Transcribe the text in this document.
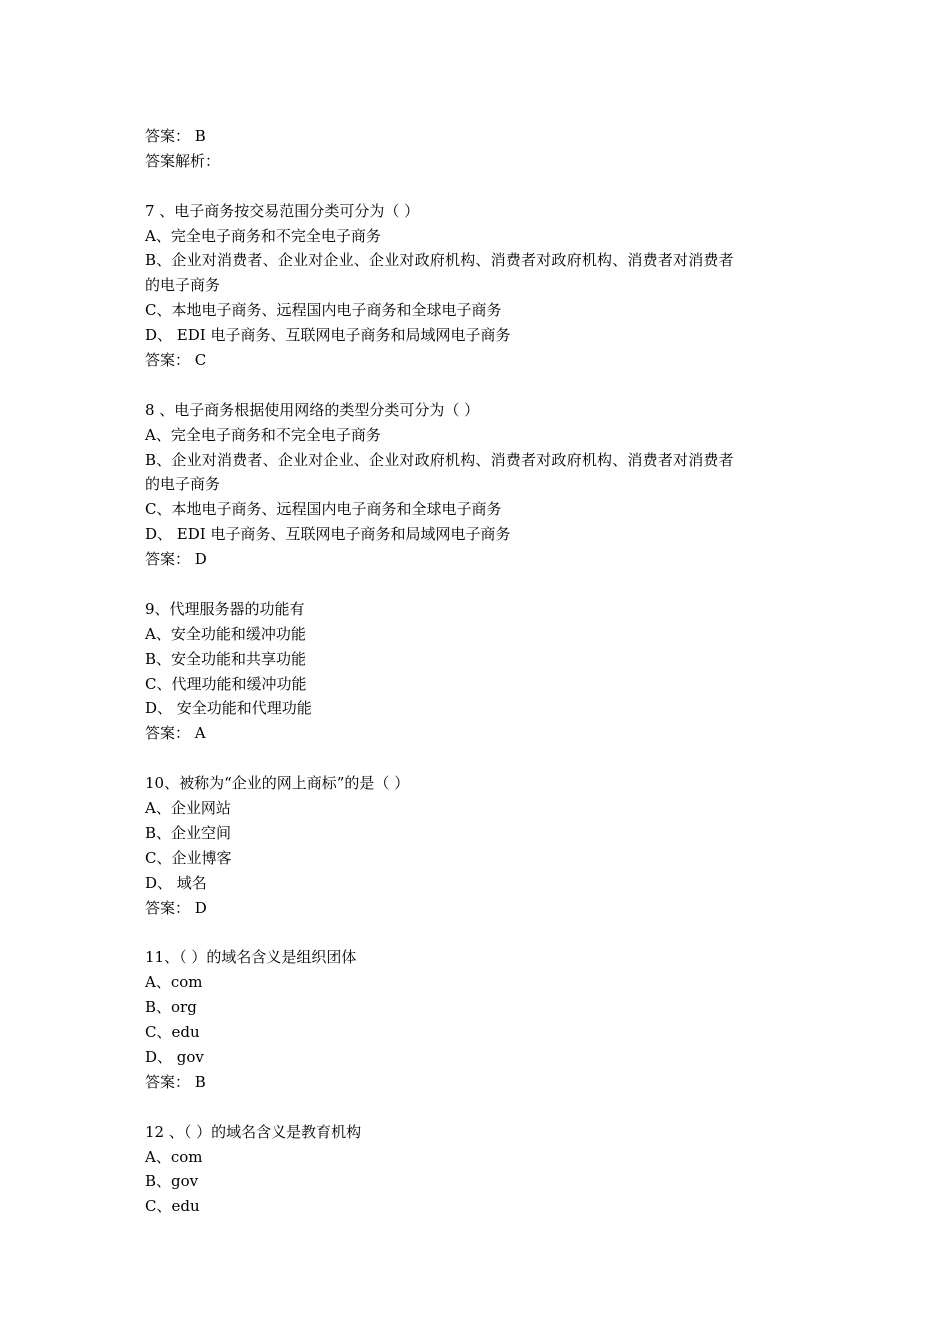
答案： B
答案解析：
7 、电子商务按交易范围分类可分为（ ）
A、完全电子商务和不完全电子商务
B、企业对消费者、企业对企业、企业对政府机构、消费者对政府机构、消费者对消费者
的电子商务
C、本地电子商务、远程国内电子商务和全球电子商务
D、 EDI 电子商务、互联网电子商务和局域网电子商务
答案： C
8 、电子商务根据使用网络的类型分类可分为（ ）
A、完全电子商务和不完全电子商务
B、企业对消费者、企业对企业、企业对政府机构、消费者对政府机构、消费者对消费者
的电子商务
C、本地电子商务、远程国内电子商务和全球电子商务
D、 EDI 电子商务、互联网电子商务和局域网电子商务
答案： D
9、代理服务器的功能有
A、安全功能和缓冲功能
B、安全功能和共享功能
C、代理功能和缓冲功能
D、 安全功能和代理功能
答案： A
10、被称为“企业的网上商标”的是（ ）
A、企业网站
B、企业空间
C、企业博客
D、 域名
答案： D
11、（ ）的域名含义是组织团体
A、com
B、org
C、edu
D、 gov
答案： B
12 、（ ）的域名含义是教育机构
A、com
B、gov
C、edu
